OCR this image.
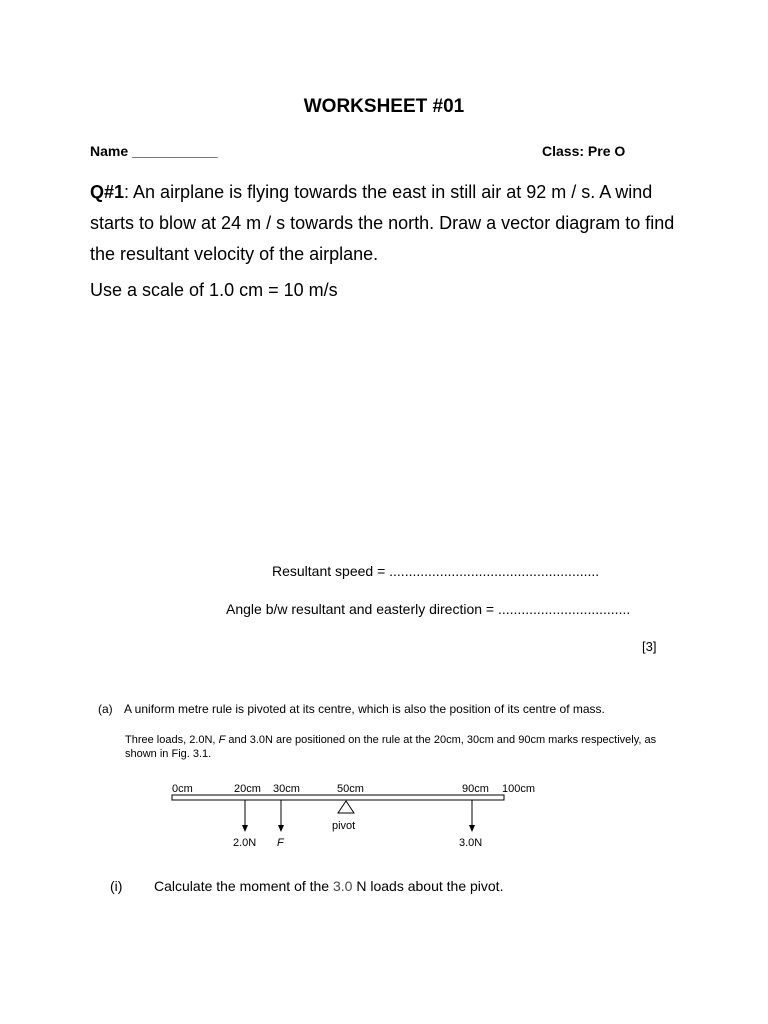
WORKSHEET #01
Name ___________	Class: Pre O
Q#1: An airplane is flying towards the east in still air at 92 m / s. A wind starts to blow at 24 m / s towards the north. Draw a vector diagram to find the resultant velocity of the airplane.
Use a scale of 1.0 cm = 10 m/s
Resultant speed = ......................................................
Angle b/w resultant and easterly direction = ..................................
[3]
(a) A uniform metre rule is pivoted at its centre, which is also the position of its centre of mass.
Three loads, 2.0N, F and 3.0N are positioned on the rule at the 20cm, 30cm and 90cm marks respectively, as shown in Fig. 3.1.
0cm	20cm 30cm	50cm	90cm 100cm
pivot
2.0N F	3.0N
(i) Calculate the moment of the 3.0 N loads about the pivot.
